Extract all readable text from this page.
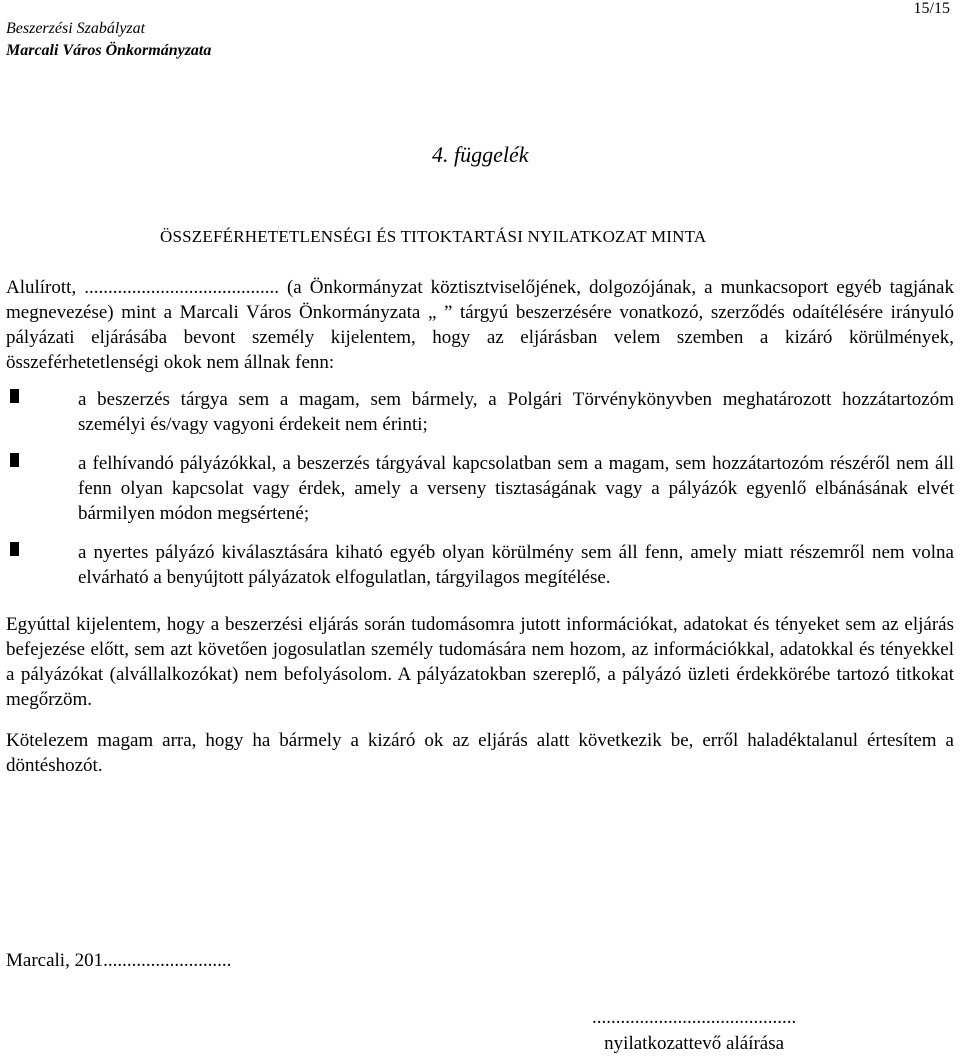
Beszerzési Szabályzat
Marcali Város Önkormányzata
15/15
4. függelék
ÖSSZEFÉRHETETLENSÉGI ÉS TITOKTARTÁSI NYILATKOZAT MINTA

Alulírott, ......................................... (a Önkormányzat köztisztviselőjének, dolgozójának, a munkacsoport egyéb tagjának megnevezése) mint a Marcali Város Önkormányzata „ ” tárgyú beszerzésére vonatkozó, szerződés odaítélésére irányuló pályázati eljárásába bevont személy kijelentem, hogy az eljárásban velem szemben a kizáró körülmények, összeférhetetlenségi okok nem állnak fenn:

a beszerzés tárgya sem a magam, sem bármely, a Polgári Törvénykönyvben meghatározott hozzátartozóm személyi és/vagy vagyoni érdekeit nem érinti;
a felhívandó pályázókkal, a beszerzés tárgyával kapcsolatban sem a magam, sem hozzátartozóm részéről nem áll fenn olyan kapcsolat vagy érdek, amely a verseny tisztaságának vagy a pályázók egyenlő elbánásának elvét bármilyen módon megsértené;
a nyertes pályázó kiválasztására kiható egyéb olyan körülmény sem áll fenn, amely miatt részemről nem volna elvárható a benyújtott pályázatok elfogulatlan, tárgyilagos megítélése.

Egyúttal kijelentem, hogy a beszerzési eljárás során tudomásomra jutott információkat, adatokat és tényeket sem az eljárás befejezése előtt, sem azt követően jogosulatlan személy tudomására nem hozom, az információkkal, adatokkal és tényekkel a pályázókat (alvállalkozókat) nem befolyásolom. A pályázatokban szereplő, a pályázó üzleti érdekkörébe tartozó titkokat megőrzöm.

Kötelezem magam arra, hogy ha bármely a kizáró ok az eljárás alatt következik be, erről haladéktalanul értesítem a döntéshozót.

Marcali, 201...........................
...........................................
nyilatkozattevő aláírása
